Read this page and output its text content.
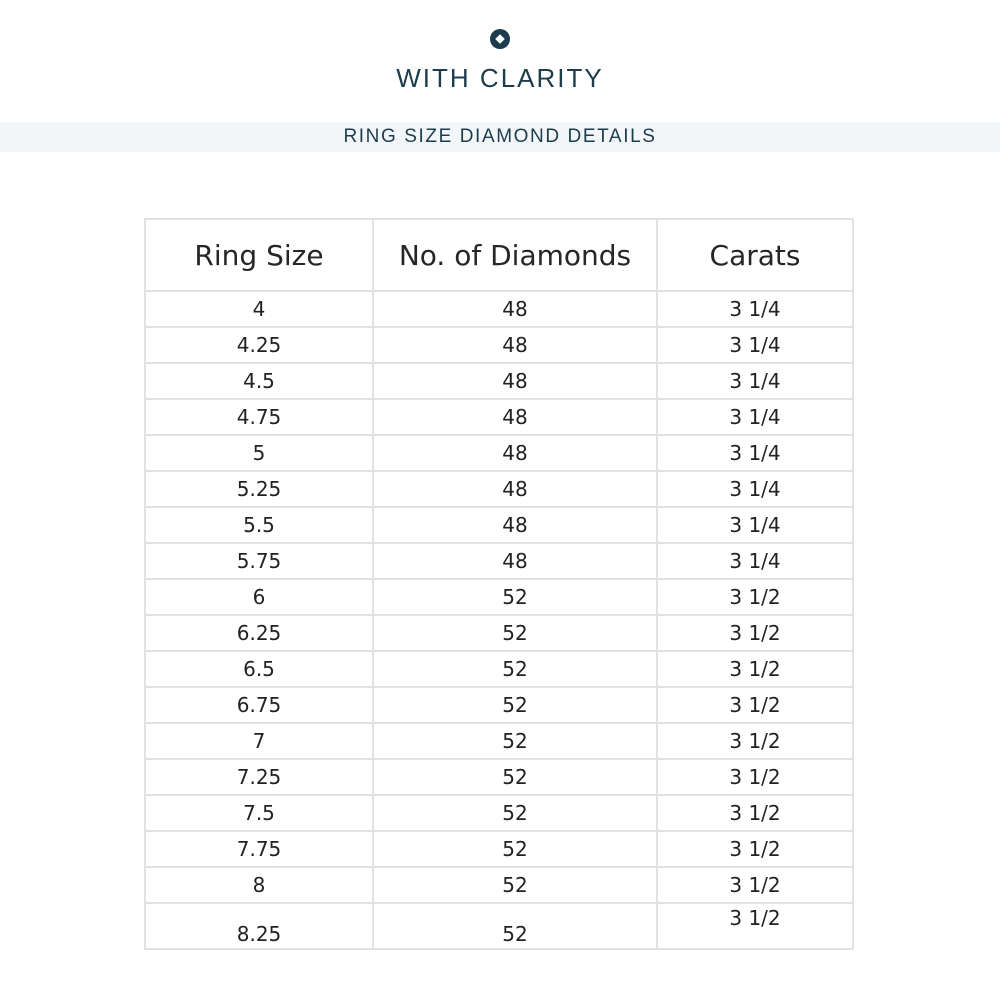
WITH CLARITY
RING SIZE DIAMOND DETAILS
Ring Size	No. of Diamonds	Carats
4	48	3 1/4
4.25	48	3 1/4
4.5	48	3 1/4
4.75	48	3 1/4
5	48	3 1/4
5.25	48	3 1/4
5.5	48	3 1/4
5.75	48	3 1/4
6	52	3 1/2
6.25	52	3 1/2
6.5	52	3 1/2
6.75	52	3 1/2
7	52	3 1/2
7.25	52	3 1/2
7.5	52	3 1/2
7.75	52	3 1/2
8	52	3 1/2
8.25	52	3 1/2
